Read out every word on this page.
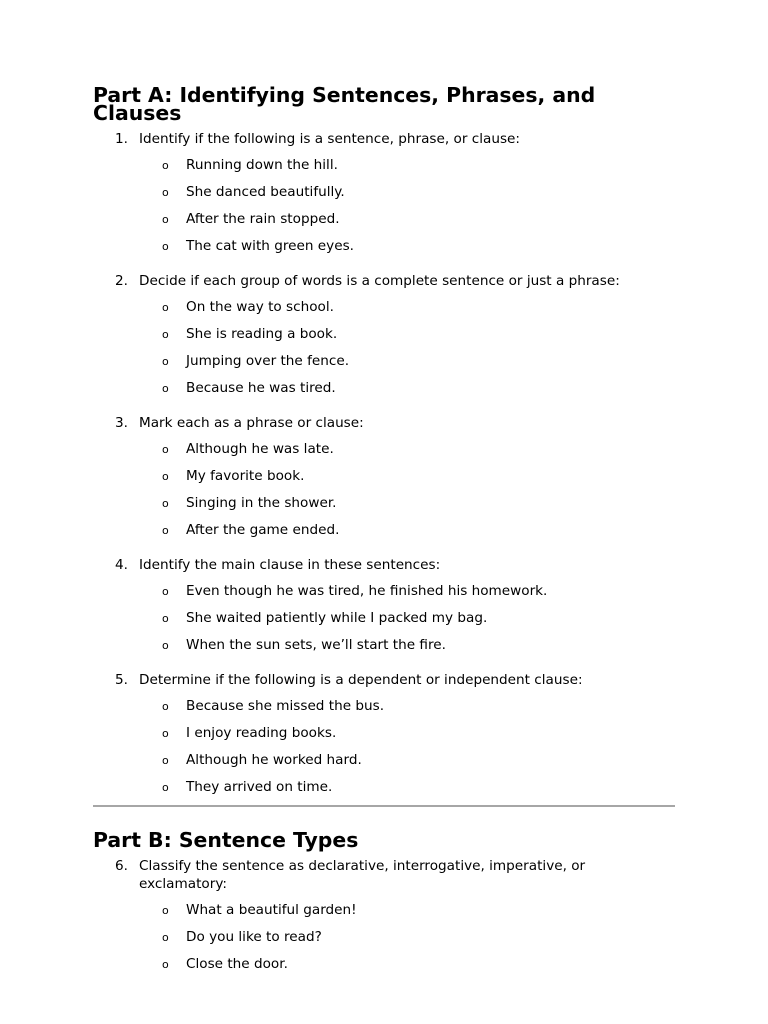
Part A: Identifying Sentences, Phrases, and Clauses
1. Identify if the following is a sentence, phrase, or clause:
o Running down the hill.
o She danced beautifully.
o After the rain stopped.
o The cat with green eyes.
2. Decide if each group of words is a complete sentence or just a phrase:
o On the way to school.
o She is reading a book.
o Jumping over the fence.
o Because he was tired.
3. Mark each as a phrase or clause:
o Although he was late.
o My favorite book.
o Singing in the shower.
o After the game ended.
4. Identify the main clause in these sentences:
o Even though he was tired, he finished his homework.
o She waited patiently while I packed my bag.
o When the sun sets, we’ll start the fire.
5. Determine if the following is a dependent or independent clause:
o Because she missed the bus.
o I enjoy reading books.
o Although he worked hard.
o They arrived on time.
Part B: Sentence Types
6. Classify the sentence as declarative, interrogative, imperative, or exclamatory:
o What a beautiful garden!
o Do you like to read?
o Close the door.
